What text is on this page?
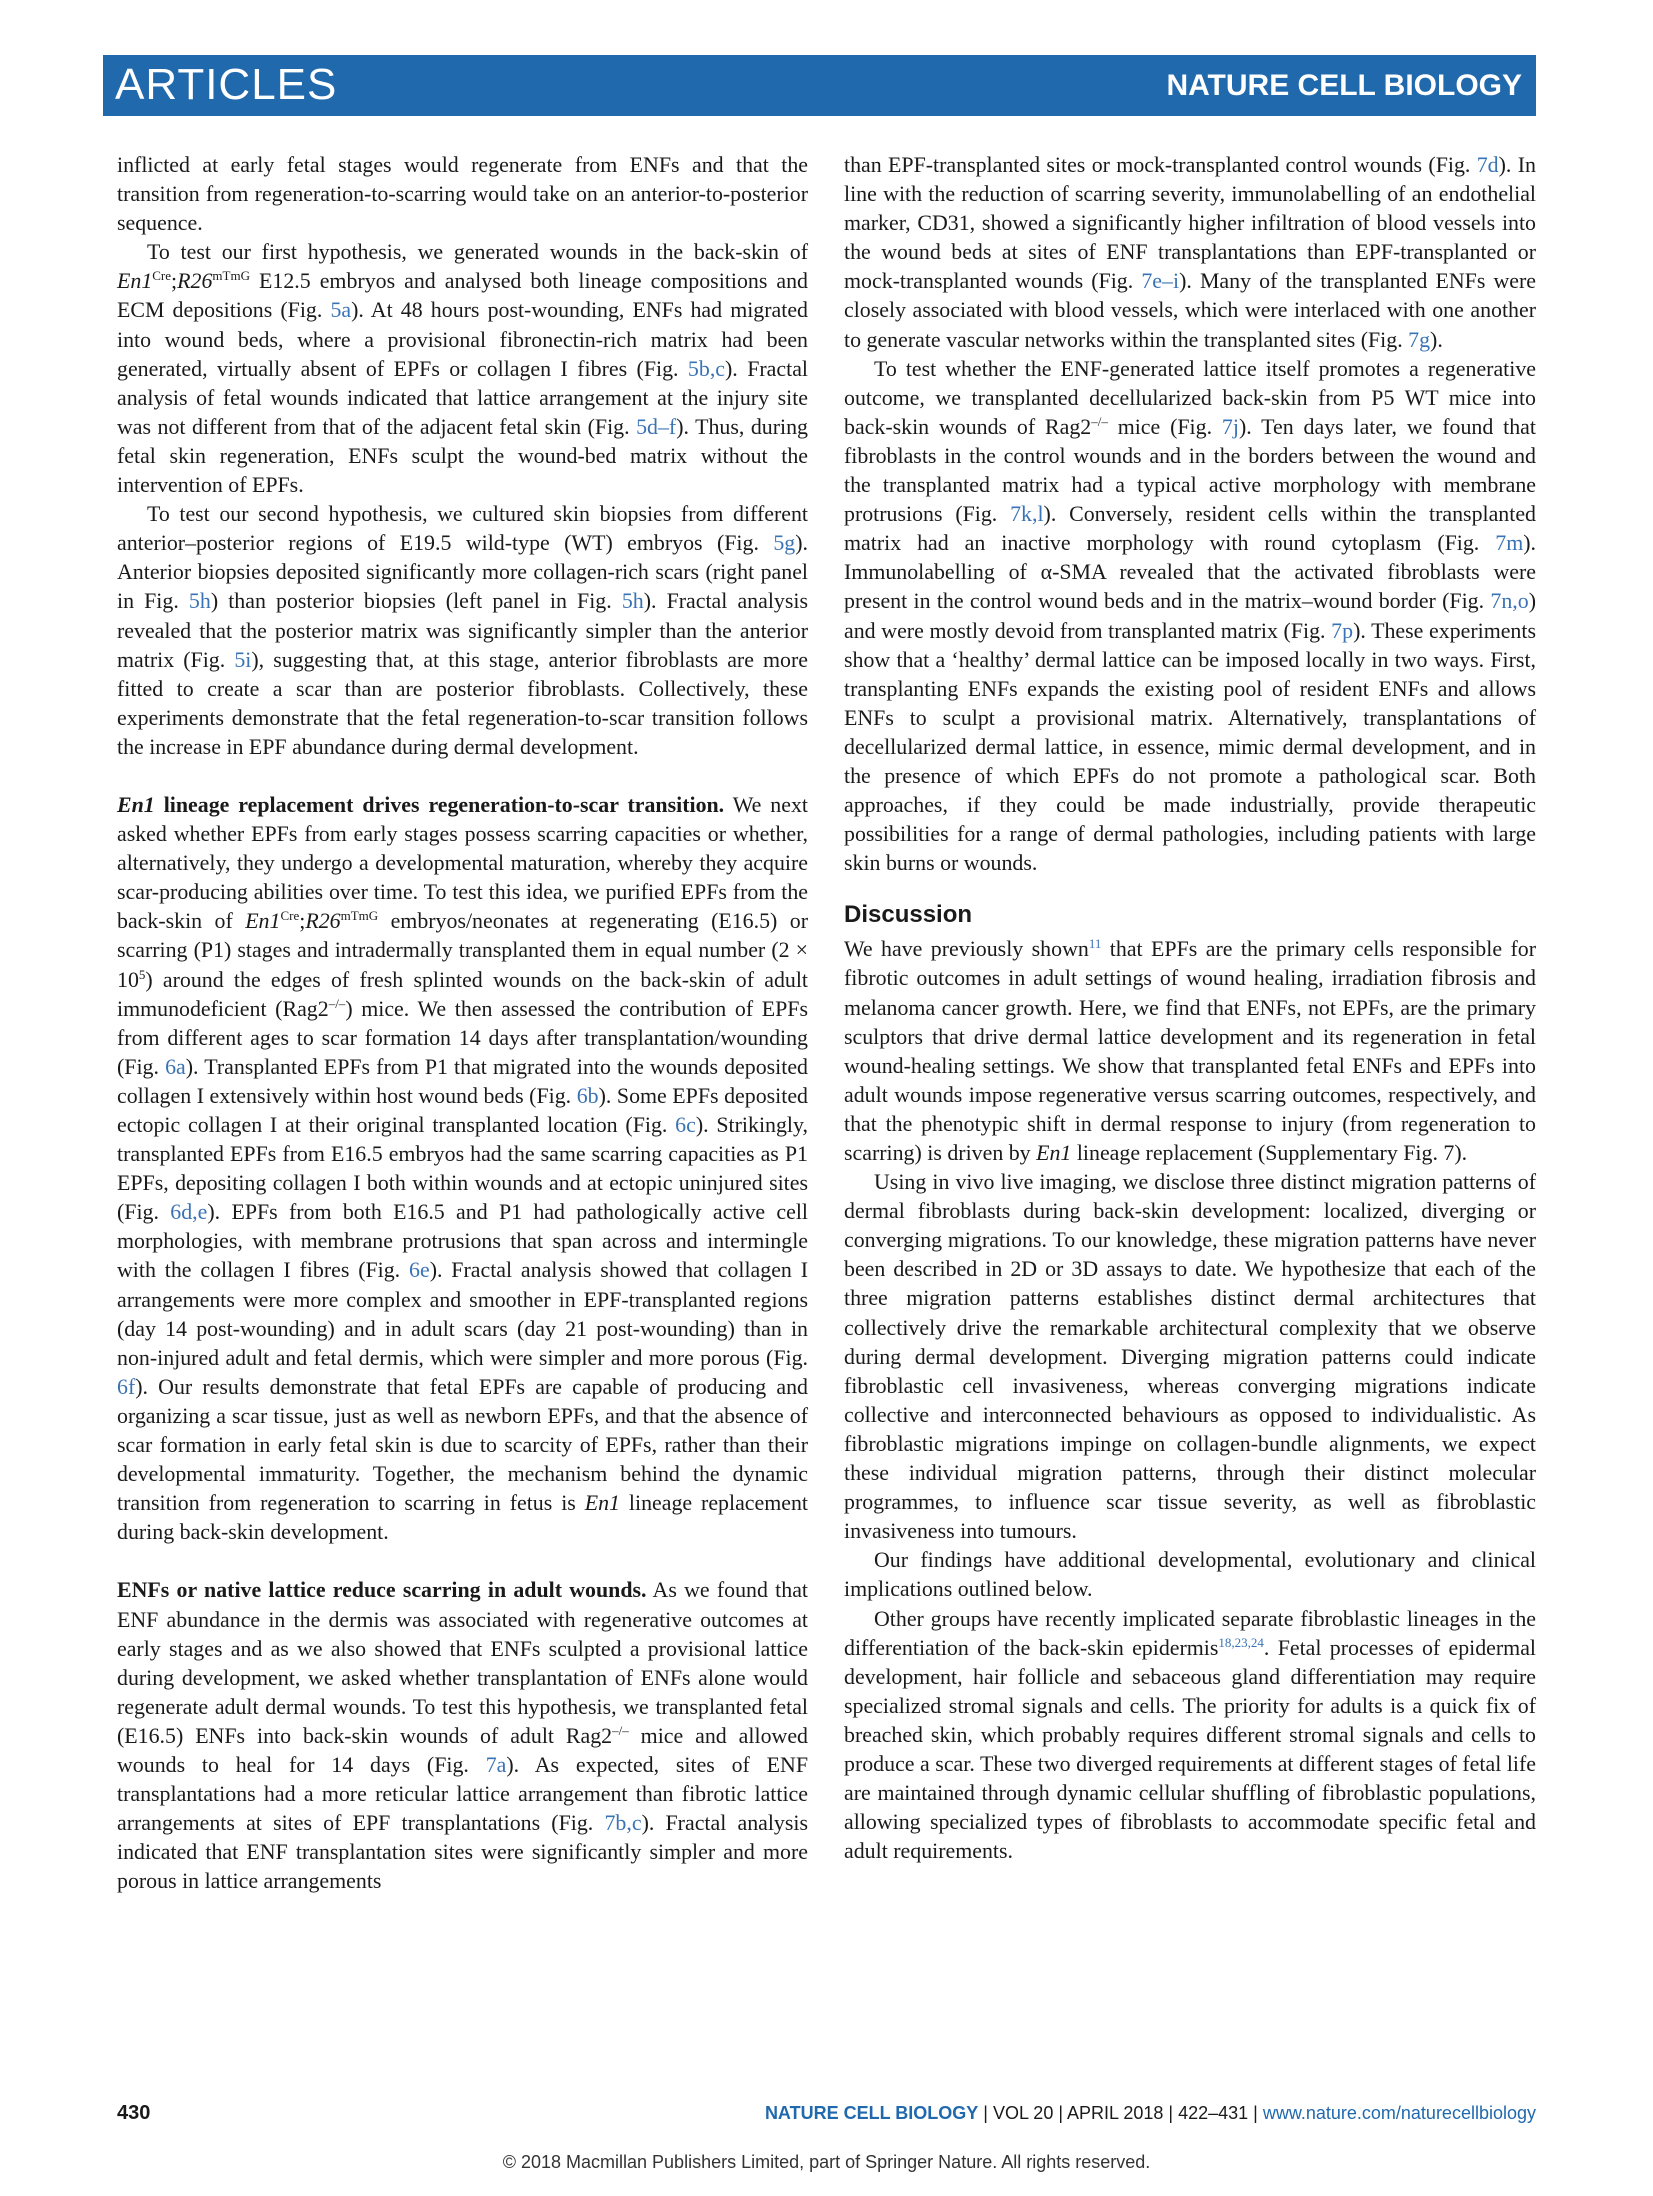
ARTICLES	NATURE CELL BIOLOGY

inflicted at early fetal stages would regenerate from ENFs and that the transition from regeneration-to-scarring would take on an anterior-to-posterior sequence.

To test our first hypothesis, we generated wounds in the back-skin of $En1^{Cre};R26^{mTmG}$ E12.5 embryos and analysed both lineage compositions and ECM depositions (Fig. 5a). At 48 hours post-wounding, ENFs had migrated into wound beds, where a provisional fibronectin-rich matrix had been generated, virtually absent of EPFs or collagen I fibres (Fig. 5b,c). Fractal analysis of fetal wounds indicated that lattice arrangement at the injury site was not different from that of the adjacent fetal skin (Fig. 5d–f). Thus, during fetal skin regeneration, ENFs sculpt the wound-bed matrix without the intervention of EPFs.

To test our second hypothesis, we cultured skin biopsies from different anterior–posterior regions of E19.5 wild-type (WT) embryos (Fig. 5g). Anterior biopsies deposited significantly more collagen-rich scars (right panel in Fig. 5h) than posterior biopsies (left panel in Fig. 5h). Fractal analysis revealed that the posterior matrix was significantly simpler than the anterior matrix (Fig. 5i), suggesting that, at this stage, anterior fibroblasts are more fitted to create a scar than are posterior fibroblasts. Collectively, these experiments demonstrate that the fetal regeneration-to-scar transition follows the increase in EPF abundance during dermal development.

En1 lineage replacement drives regeneration-to-scar transition. We next asked whether EPFs from early stages possess scarring capacities or whether, alternatively, they undergo a developmental maturation, whereby they acquire scar-producing abilities over time. To test this idea, we purified EPFs from the back-skin of $En1^{Cre};R26^{mTmG}$ embryos/neonates at regenerating (E16.5) or scarring (P1) stages and intradermally transplanted them in equal number $(2 \times 10^5)$ around the edges of fresh splinted wounds on the back-skin of adult immunodeficient (Rag2–/–) mice. We then assessed the contribution of EPFs from different ages to scar formation 14 days after transplantation/wounding (Fig. 6a). Transplanted EPFs from P1 that migrated into the wounds deposited collagen I extensively within host wound beds (Fig. 6b). Some EPFs deposited ectopic collagen I at their original transplanted location (Fig. 6c). Strikingly, transplanted EPFs from E16.5 embryos had the same scarring capacities as P1 EPFs, depositing collagen I both within wounds and at ectopic uninjured sites (Fig. 6d,e). EPFs from both E16.5 and P1 had pathologically active cell morphologies, with membrane protrusions that span across and intermingle with the collagen I fibres (Fig. 6e). Fractal analysis showed that collagen I arrangements were more complex and smoother in EPF-transplanted regions (day 14 post-wounding) and in adult scars (day 21 post-wounding) than in non-injured adult and fetal dermis, which were simpler and more porous (Fig. 6f). Our results demonstrate that fetal EPFs are capable of producing and organizing a scar tissue, just as well as newborn EPFs, and that the absence of scar formation in early fetal skin is due to scarcity of EPFs, rather than their developmental immaturity. Together, the mechanism behind the dynamic transition from regeneration to scarring in fetus is En1 lineage replacement during back-skin development.

ENFs or native lattice reduce scarring in adult wounds. As we found that ENF abundance in the dermis was associated with regenerative outcomes at early stages and as we also showed that ENFs sculpted a provisional lattice during development, we asked whether transplantation of ENFs alone would regenerate adult dermal wounds. To test this hypothesis, we transplanted fetal (E16.5) ENFs into back-skin wounds of adult Rag2–/– mice and allowed wounds to heal for 14 days (Fig. 7a). As expected, sites of ENF transplantations had a more reticular lattice arrangement than fibrotic lattice arrangements at sites of EPF transplantations (Fig. 7b,c). Fractal analysis indicated that ENF transplantation sites were significantly simpler and more porous in lattice arrangements

than EPF-transplanted sites or mock-transplanted control wounds (Fig. 7d). In line with the reduction of scarring severity, immunolabelling of an endothelial marker, CD31, showed a significantly higher infiltration of blood vessels into the wound beds at sites of ENF transplantations than EPF-transplanted or mock-transplanted wounds (Fig. 7e–i). Many of the transplanted ENFs were closely associated with blood vessels, which were interlaced with one another to generate vascular networks within the transplanted sites (Fig. 7g).

To test whether the ENF-generated lattice itself promotes a regenerative outcome, we transplanted decellularized back-skin from P5 WT mice into back-skin wounds of Rag2–/– mice (Fig. 7j). Ten days later, we found that fibroblasts in the control wounds and in the borders between the wound and the transplanted matrix had a typical active morphology with membrane protrusions (Fig. 7k,l). Conversely, resident cells within the transplanted matrix had an inactive morphology with round cytoplasm (Fig. 7m). Immunolabelling of α-SMA revealed that the activated fibroblasts were present in the control wound beds and in the matrix–wound border (Fig. 7n,o) and were mostly devoid from transplanted matrix (Fig. 7p). These experiments show that a ‘healthy’ dermal lattice can be imposed locally in two ways. First, transplanting ENFs expands the existing pool of resident ENFs and allows ENFs to sculpt a provisional matrix. Alternatively, transplantations of decellularized dermal lattice, in essence, mimic dermal development, and in the presence of which EPFs do not promote a pathological scar. Both approaches, if they could be made industrially, provide therapeutic possibilities for a range of dermal pathologies, including patients with large skin burns or wounds.

Discussion

We have previously shown$^{11}$ that EPFs are the primary cells responsible for fibrotic outcomes in adult settings of wound healing, irradiation fibrosis and melanoma cancer growth. Here, we find that ENFs, not EPFs, are the primary sculptors that drive dermal lattice development and its regeneration in fetal wound-healing settings. We show that transplanted fetal ENFs and EPFs into adult wounds impose regenerative versus scarring outcomes, respectively, and that the phenotypic shift in dermal response to injury (from regeneration to scarring) is driven by En1 lineage replacement (Supplementary Fig. 7).

Using in vivo live imaging, we disclose three distinct migration patterns of dermal fibroblasts during back-skin development: localized, diverging or converging migrations. To our knowledge, these migration patterns have never been described in 2D or 3D assays to date. We hypothesize that each of the three migration patterns establishes distinct dermal architectures that collectively drive the remarkable architectural complexity that we observe during dermal development. Diverging migration patterns could indicate fibroblastic cell invasiveness, whereas converging migrations indicate collective and interconnected behaviours as opposed to individualistic. As fibroblastic migrations impinge on collagen-bundle alignments, we expect these individual migration patterns, through their distinct molecular programmes, to influence scar tissue severity, as well as fibroblastic invasiveness into tumours.

Our findings have additional developmental, evolutionary and clinical implications outlined below.

Other groups have recently implicated separate fibroblastic lineages in the differentiation of the back-skin epidermis$^{18,23,24}$. Fetal processes of epidermal development, hair follicle and sebaceous gland differentiation may require specialized stromal signals and cells. The priority for adults is a quick fix of breached skin, which probably requires different stromal signals and cells to produce a scar. These two diverged requirements at different stages of fetal life are maintained through dynamic cellular shuffling of fibroblastic populations, allowing specialized types of fibroblasts to accommodate specific fetal and adult requirements.

430	NATURE CELL BIOLOGY | VOL 20 | APRIL 2018 | 422–431 | www.nature.com/naturecellbiology
© 2018 Macmillan Publishers Limited, part of Springer Nature. All rights reserved.
